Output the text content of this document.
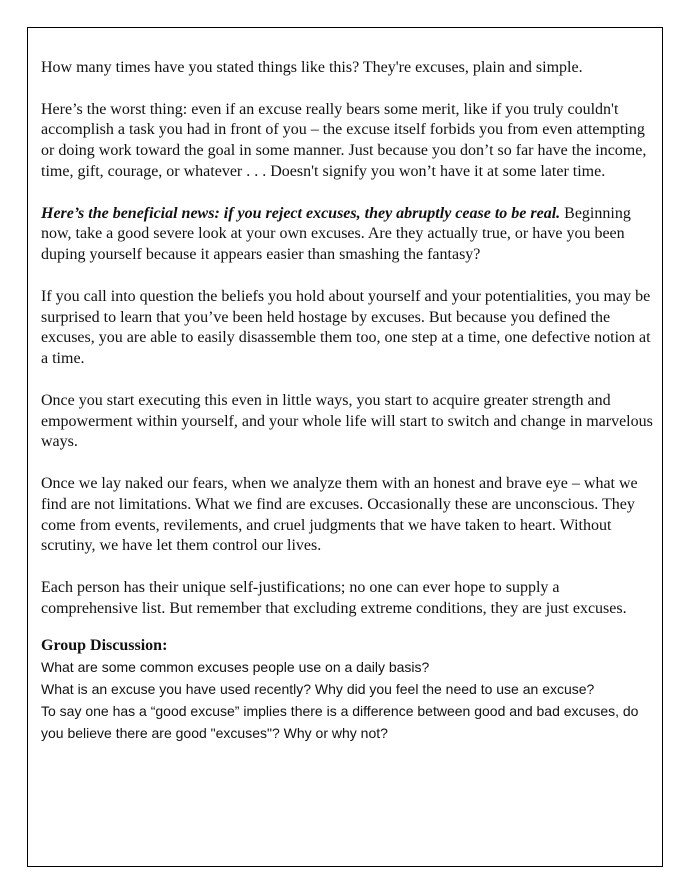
How many times have you stated things like this? They're excuses, plain and simple.

Here’s the worst thing: even if an excuse really bears some merit, like if you truly couldn't accomplish a task you had in front of you – the excuse itself forbids you from even attempting or doing work toward the goal in some manner. Just because you don’t so far have the income, time, gift, courage, or whatever . . . Doesn't signify you won’t have it at some later time.

Here’s the beneficial news: if you reject excuses, they abruptly cease to be real. Beginning now, take a good severe look at your own excuses. Are they actually true, or have you been duping yourself because it appears easier than smashing the fantasy?

If you call into question the beliefs you hold about yourself and your potentialities, you may be surprised to learn that you’ve been held hostage by excuses. But because you defined the excuses, you are able to easily disassemble them too, one step at a time, one defective notion at a time.

Once you start executing this even in little ways, you start to acquire greater strength and empowerment within yourself, and your whole life will start to switch and change in marvelous ways.

Once we lay naked our fears, when we analyze them with an honest and brave eye – what we find are not limitations. What we find are excuses. Occasionally these are unconscious. They come from events, revilements, and cruel judgments that we have taken to heart. Without scrutiny, we have let them control our lives.

Each person has their unique self-justifications; no one can ever hope to supply a comprehensive list. But remember that excluding extreme conditions, they are just excuses.

Group Discussion:
What are some common excuses people use on a daily basis?
What is an excuse you have used recently? Why did you feel the need to use an excuse?
To say one has a “good excuse” implies there is a difference between good and bad excuses, do you believe there are good "excuses"? Why or why not?
